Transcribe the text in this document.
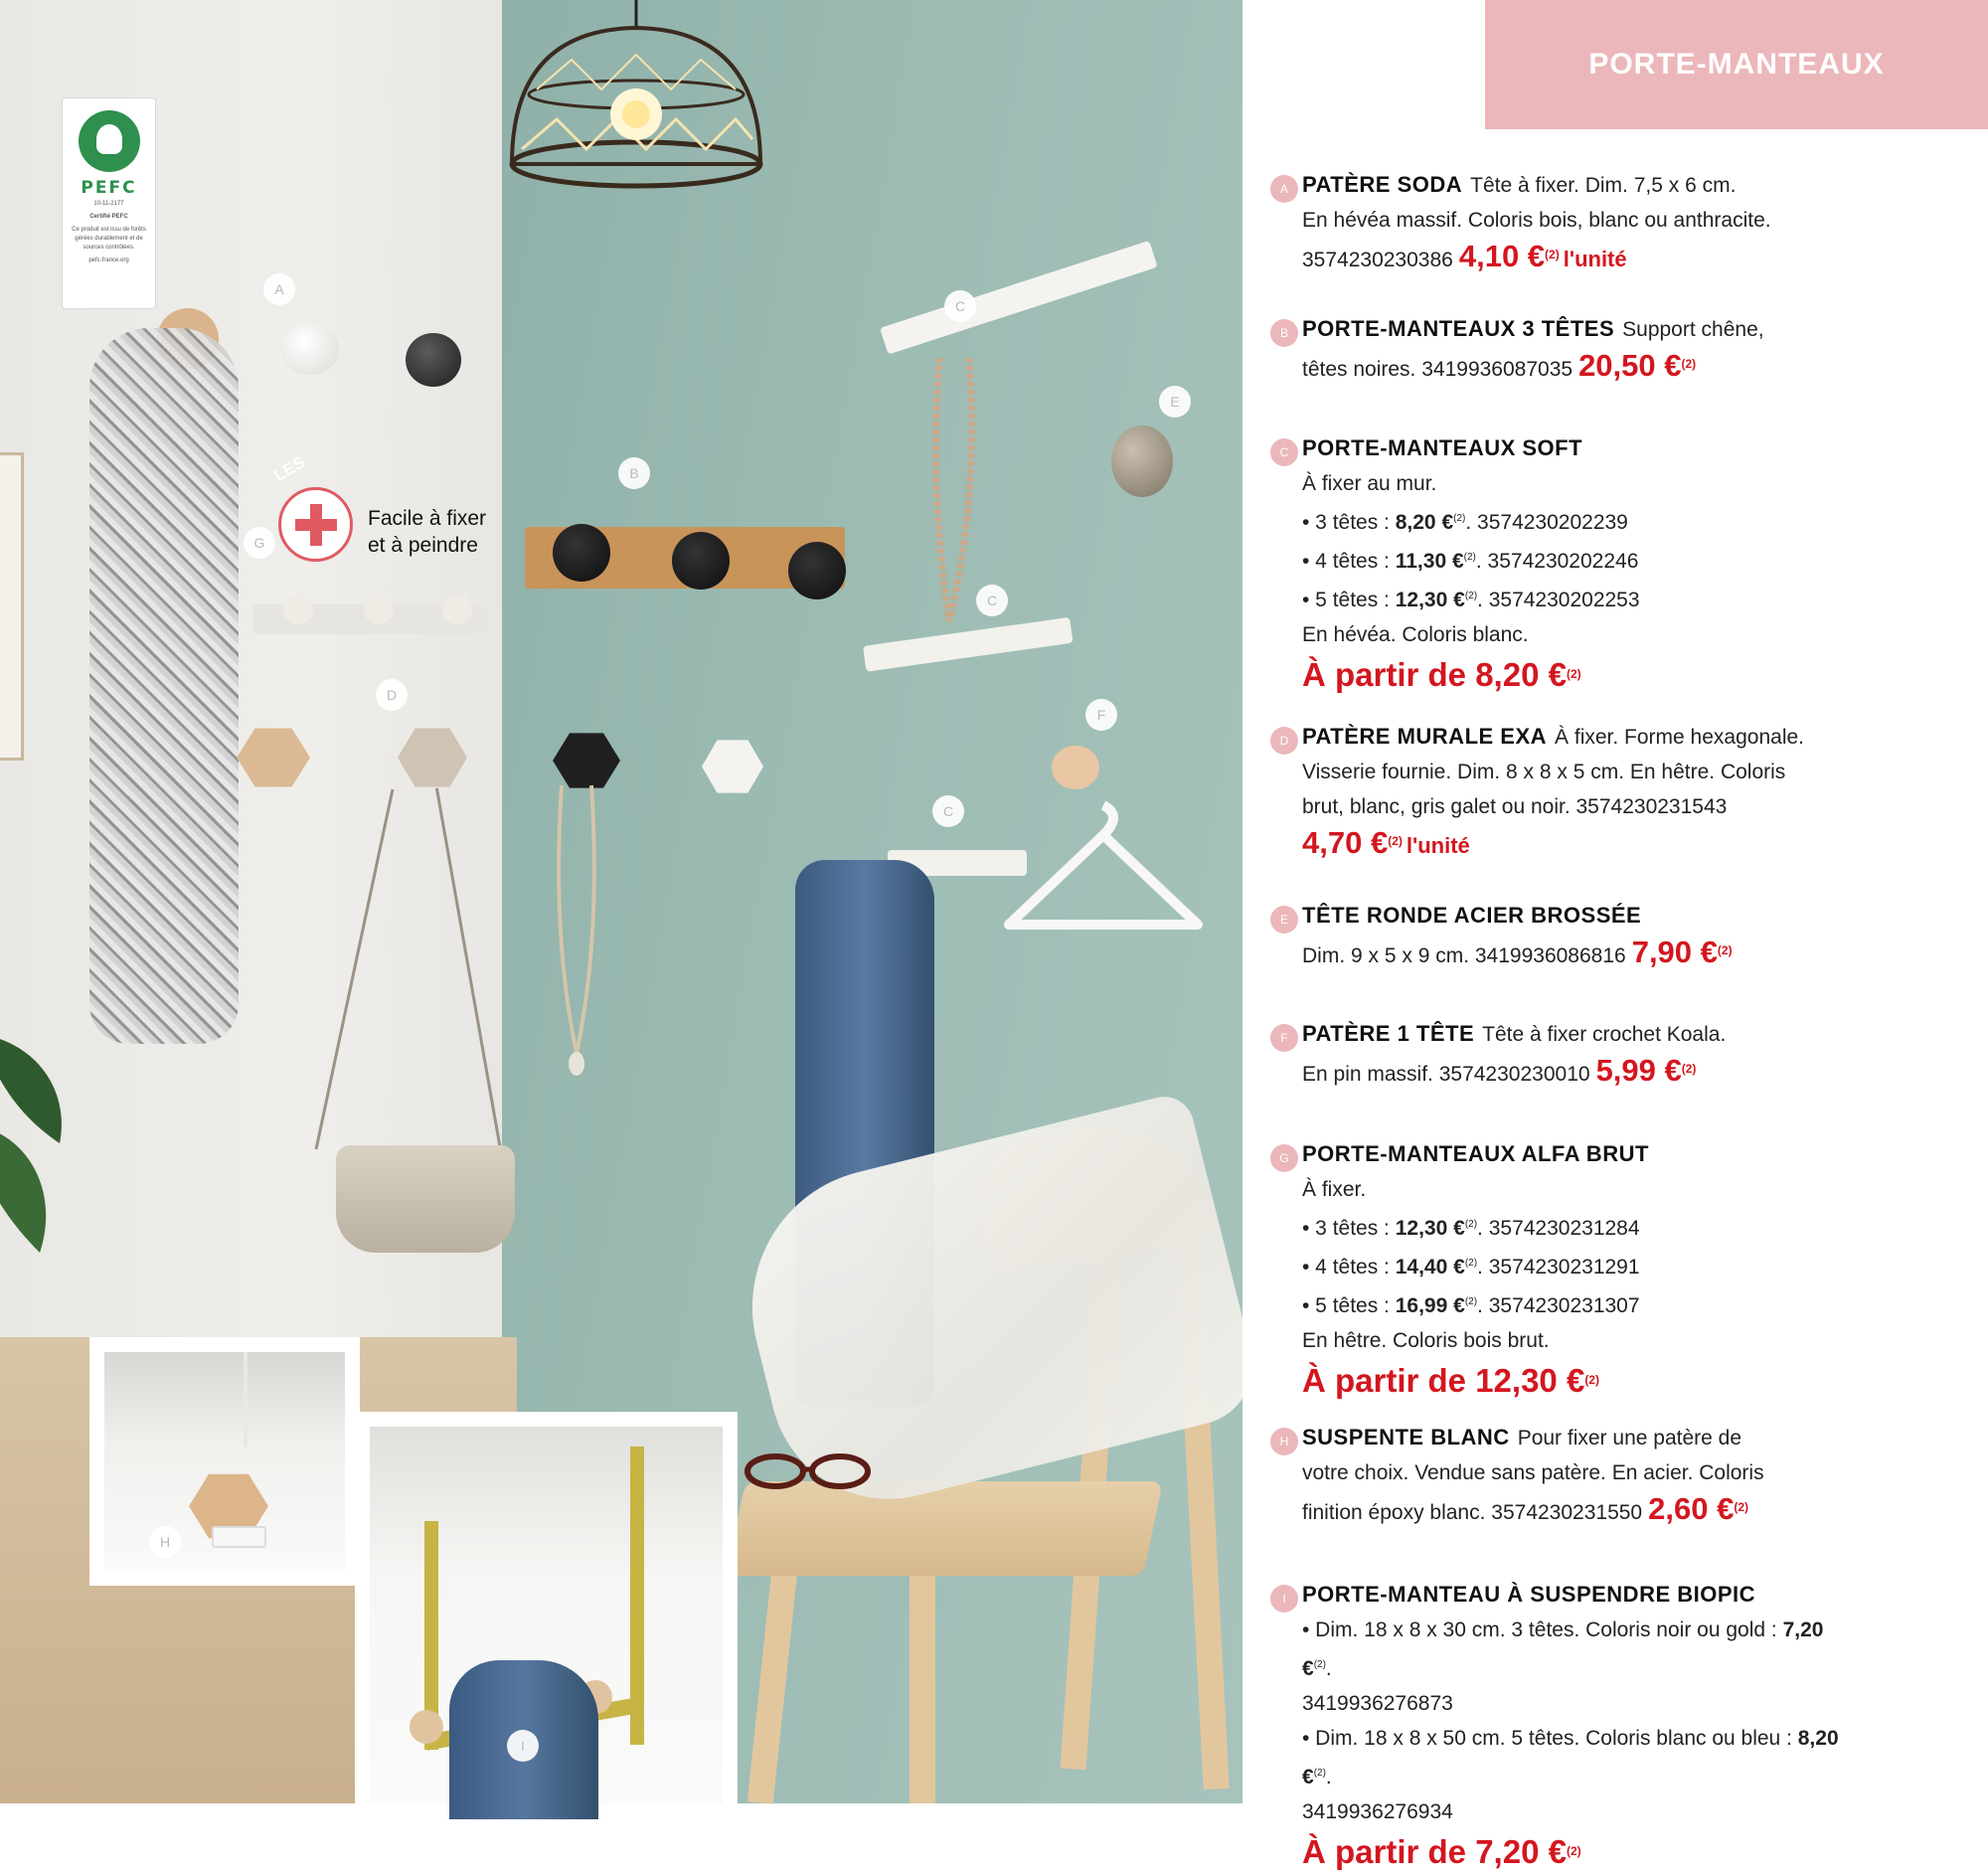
PEFC
10-11-2177
Certifié PEFC
Ce produit est issu de forêts gérées durablement et de sources contrôlées.
pefc-france.org
LES
Facile à fixer
et à peindre
A
B
C
C
C
D
E
F
G
H
I
PORTE-MANTEAUX
A PATÈRE SODA Tête à fixer. Dim. 7,5 x 6 cm.
En hévéa massif. Coloris bois, blanc ou anthracite.
3574230230386 4,10 €$^{(2)}$ l'unité
B PORTE-MANTEAUX 3 TÊTES Support chêne,
têtes noires. 3419936087035 20,50 €$^{(2)}$
C PORTE-MANTEAUX SOFT
À fixer au mur.
• 3 têtes : 8,20 €$^{(2)}$. 3574230202239
• 4 têtes : 11,30 €$^{(2)}$. 3574230202246
• 5 têtes : 12,30 €$^{(2)}$. 3574230202253
En hévéa. Coloris blanc.
À partir de 8,20 €$^{(2)}$
D PATÈRE MURALE EXA À fixer. Forme hexagonale.
Visserie fournie. Dim. 8 x 8 x 5 cm. En hêtre. Coloris
brut, blanc, gris galet ou noir. 3574230231543
4,70 €$^{(2)}$ l'unité
E TÊTE RONDE ACIER BROSSÉE
Dim. 9 x 5 x 9 cm. 3419936086816 7,90 €$^{(2)}$
F PATÈRE 1 TÊTE Tête à fixer crochet Koala.
En pin massif. 3574230230010 5,99 €$^{(2)}$
G PORTE-MANTEAUX ALFA BRUT
À fixer.
• 3 têtes : 12,30 €$^{(2)}$. 3574230231284
• 4 têtes : 14,40 €$^{(2)}$. 3574230231291
• 5 têtes : 16,99 €$^{(2)}$. 3574230231307
En hêtre. Coloris bois brut.
À partir de 12,30 €$^{(2)}$
H SUSPENTE BLANC Pour fixer une patère de
votre choix. Vendue sans patère. En acier. Coloris
finition époxy blanc. 3574230231550 2,60 €$^{(2)}$
I PORTE-MANTEAU À SUSPENDRE BIOPIC
• Dim. 18 x 8 x 30 cm. 3 têtes. Coloris noir ou gold : 7,20 €$^{(2)}$.
3419936276873
• Dim. 18 x 8 x 50 cm. 5 têtes. Coloris blanc ou bleu : 8,20 €$^{(2)}$.
3419936276934
À partir de 7,20 €$^{(2)}$
